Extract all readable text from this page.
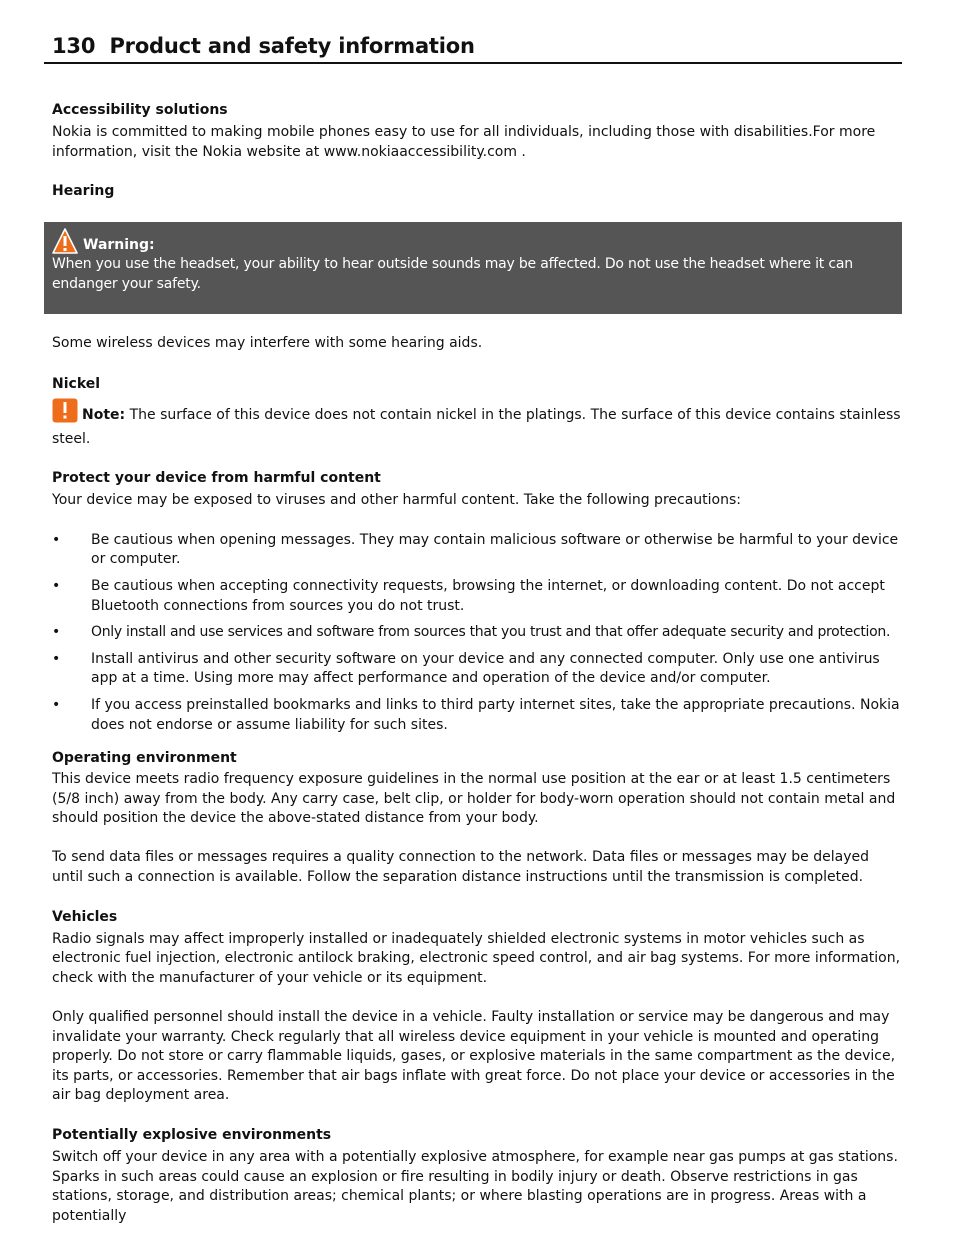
130 Product and safety information
Accessibility solutions
Nokia is committed to making mobile phones easy to use for all individuals, including those with disabilities.For more information, visit the Nokia website at www.nokiaaccessibility.com .
Hearing
Warning:
When you use the headset, your ability to hear outside sounds may be affected. Do not use the headset where it can endanger your safety.
Some wireless devices may interfere with some hearing aids.
Nickel
Note: The surface of this device does not contain nickel in the platings. The surface of this device contains stainless steel.
Protect your device from harmful content
Your device may be exposed to viruses and other harmful content. Take the following precautions:
• Be cautious when opening messages. They may contain malicious software or otherwise be harmful to your device or computer.
• Be cautious when accepting connectivity requests, browsing the internet, or downloading content. Do not accept Bluetooth connections from sources you do not trust.
• Only install and use services and software from sources that you trust and that offer adequate security and protection.
• Install antivirus and other security software on your device and any connected computer. Only use one antivirus app at a time. Using more may affect performance and operation of the device and/or computer.
• If you access preinstalled bookmarks and links to third party internet sites, take the appropriate precautions. Nokia does not endorse or assume liability for such sites.
Operating environment
This device meets radio frequency exposure guidelines in the normal use position at the ear or at least 1.5 centimeters (5/8 inch) away from the body. Any carry case, belt clip, or holder for body-worn operation should not contain metal and should position the device the above-stated distance from your body.
To send data files or messages requires a quality connection to the network. Data files or messages may be delayed until such a connection is available. Follow the separation distance instructions until the transmission is completed.
Vehicles
Radio signals may affect improperly installed or inadequately shielded electronic systems in motor vehicles such as electronic fuel injection, electronic antilock braking, electronic speed control, and air bag systems. For more information, check with the manufacturer of your vehicle or its equipment.
Only qualified personnel should install the device in a vehicle. Faulty installation or service may be dangerous and may invalidate your warranty. Check regularly that all wireless device equipment in your vehicle is mounted and operating properly. Do not store or carry flammable liquids, gases, or explosive materials in the same compartment as the device, its parts, or accessories. Remember that air bags inflate with great force. Do not place your device or accessories in the air bag deployment area.
Potentially explosive environments
Switch off your device in any area with a potentially explosive atmosphere, for example near gas pumps at gas stations. Sparks in such areas could cause an explosion or fire resulting in bodily injury or death. Observe restrictions in gas stations, storage, and distribution areas; chemical plants; or where blasting operations are in progress. Areas with a potentially
